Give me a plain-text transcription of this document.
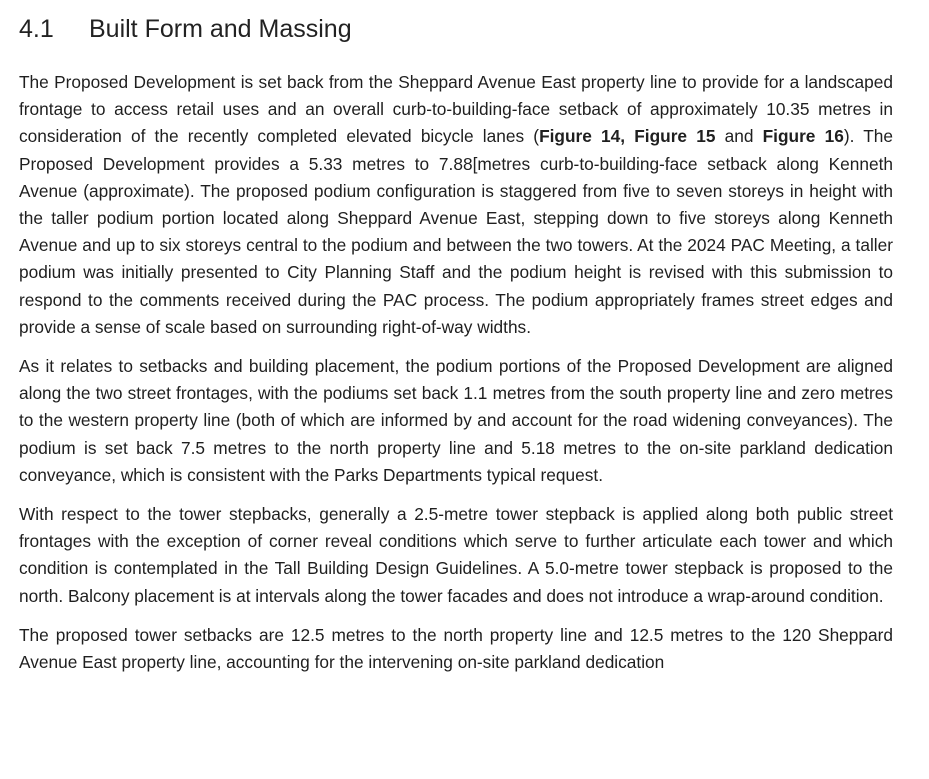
4.1 Built Form and Massing

The Proposed Development is set back from the Sheppard Avenue East property line to provide for a landscaped frontage to access retail uses and an overall curb-to-building-face setback of approximately 10.35 metres in consideration of the recently completed elevated bicycle lanes (Figure 14, Figure 15 and Figure 16). The Proposed Development provides a 5.33 metres to 7.88[metres curb-to-building-face setback along Kenneth Avenue (approximate). The proposed podium configuration is staggered from five to seven storeys in height with the taller podium portion located along Sheppard Avenue East, stepping down to five storeys along Kenneth Avenue and up to six storeys central to the podium and between the two towers. At the 2024 PAC Meeting, a taller podium was initially presented to City Planning Staff and the podium height is revised with this submission to respond to the comments received during the PAC process. The podium appropriately frames street edges and provide a sense of scale based on surrounding right-of-way widths.

As it relates to setbacks and building placement, the podium portions of the Proposed Development are aligned along the two street frontages, with the podiums set back 1.1 metres from the south property line and zero metres to the western property line (both of which are informed by and account for the road widening conveyances). The podium is set back 7.5 metres to the north property line and 5.18 metres to the on-site parkland dedication conveyance, which is consistent with the Parks Departments typical request.

With respect to the tower stepbacks, generally a 2.5-metre tower stepback is applied along both public street frontages with the exception of corner reveal conditions which serve to further articulate each tower and which condition is contemplated in the Tall Building Design Guidelines. A 5.0-metre tower stepback is proposed to the north. Balcony placement is at intervals along the tower facades and does not introduce a wrap-around condition.

The proposed tower setbacks are 12.5 metres to the north property line and 12.5 metres to the 120 Sheppard Avenue East property line, accounting for the intervening on-site parkland dedication
